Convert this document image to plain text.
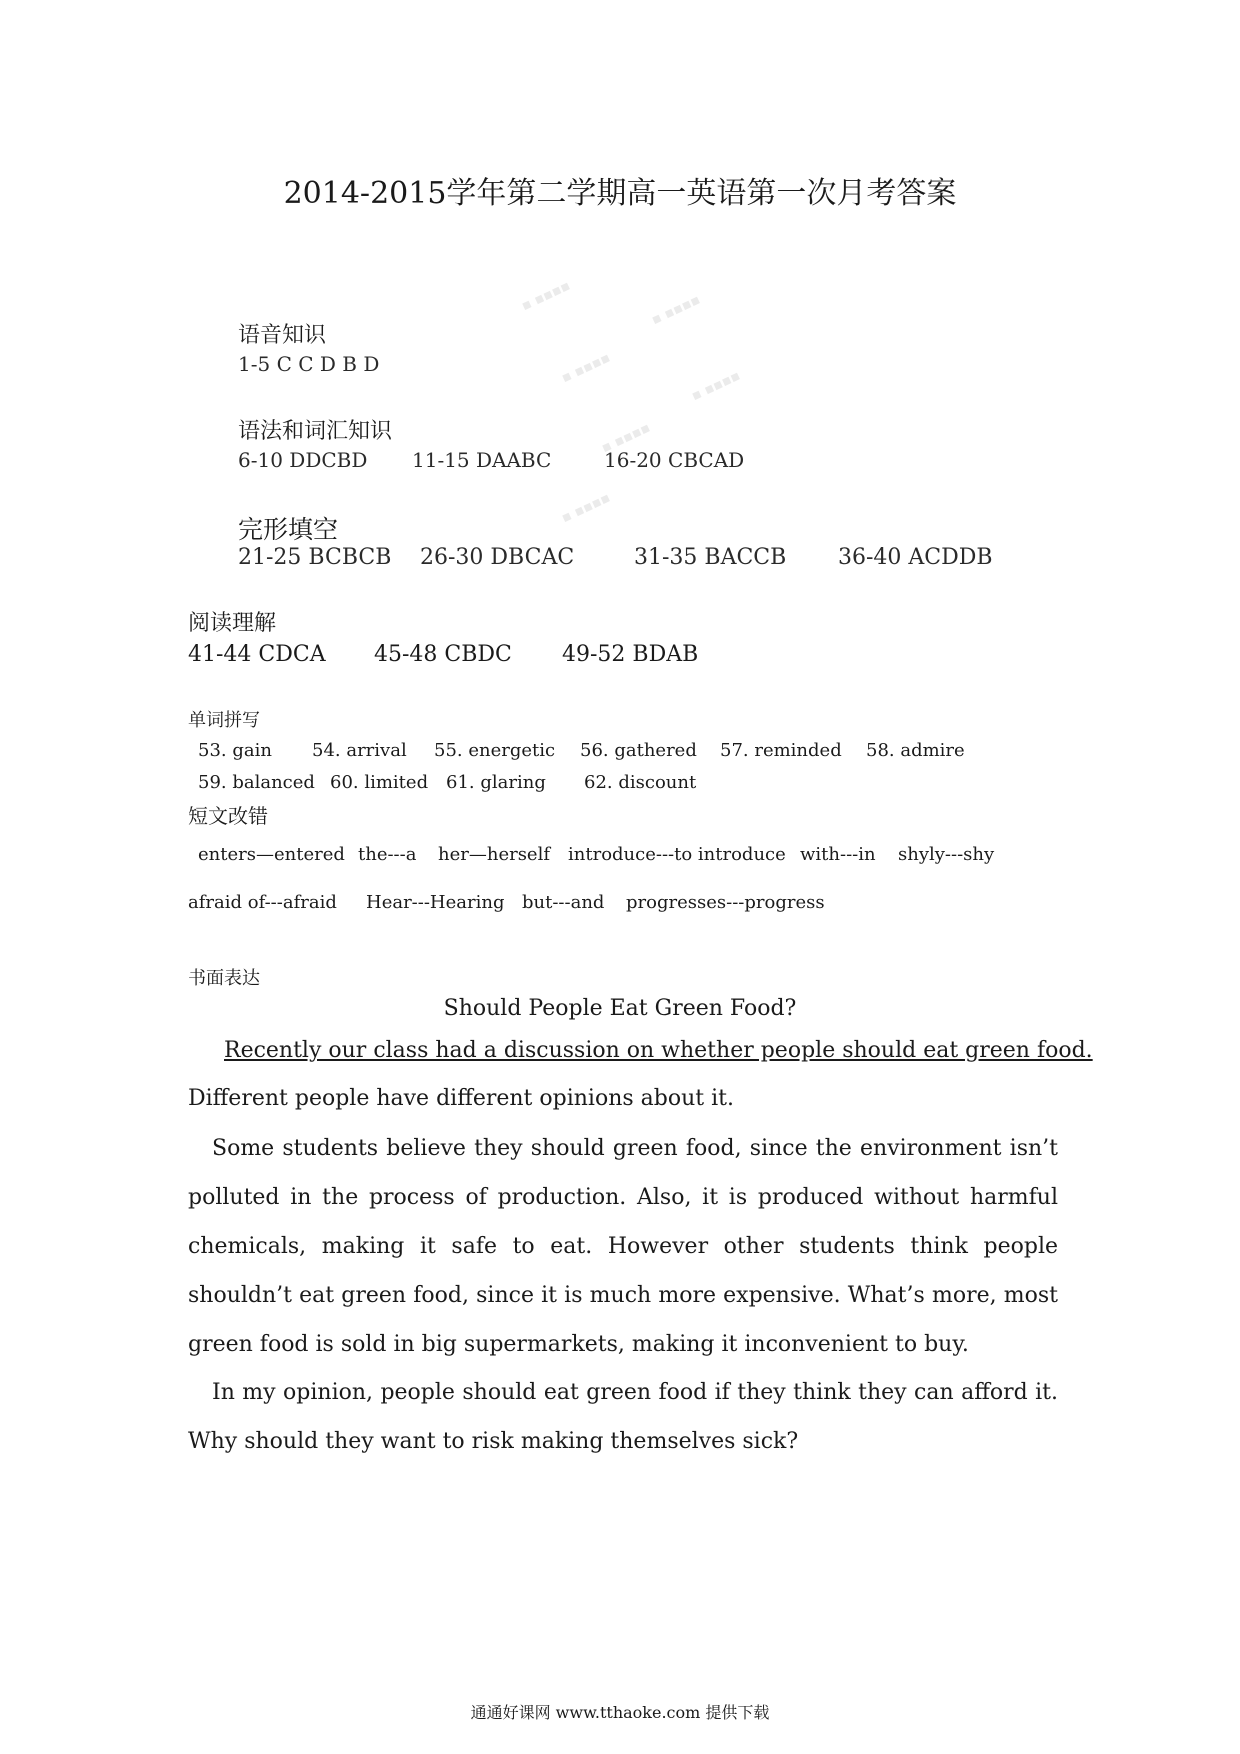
2014-2015学年第二学期高一英语第一次月考答案
▪ ▪▪▪▪	▪ ▪▪▪▪
▪ ▪▪▪▪	▪ ▪▪▪▪
▪ ▪▪▪▪
▪ ▪▪▪▪
语音知识
1-5 C C D B D
语法和词汇知识
6-10 DDCBD 11-15 DAABC	16-20 CBCAD
完形填空
21-25 BCBCB 26-30 DBCAC	31-35 BACCB 36-40 ACDDB
阅读理解
41-44 CDCA 45-48 CBDC 49-52 BDAB
单词拼写
53. gain 54. arrival 55. energetic 56. gathered 57. reminded 58. admire
59. balanced 60. limited 61. glaring 62. discount
短文改错
enters—entered the---a her—herself introduce---to introduce with---in shyly---shy
afraid of---afraid Hear---Hearing but---and progresses---progress
书面表达
Should People Eat Green Food?
Recently our class had a discussion on whether people should eat green food.
Different people have different opinions about it.
Some students believe they should green food, since the environment isn’t polluted in the process of production. Also, it is produced without harmful chemicals, making it safe to eat. However other students think people shouldn’t eat green food, since it is much more expensive. What’s more, most green food is sold in big supermarkets, making it inconvenient to buy.
In my opinion, people should eat green food if they think they can afford it. Why should they want to risk making themselves sick?
通通好课网 www.tthaoke.com 提供下载
